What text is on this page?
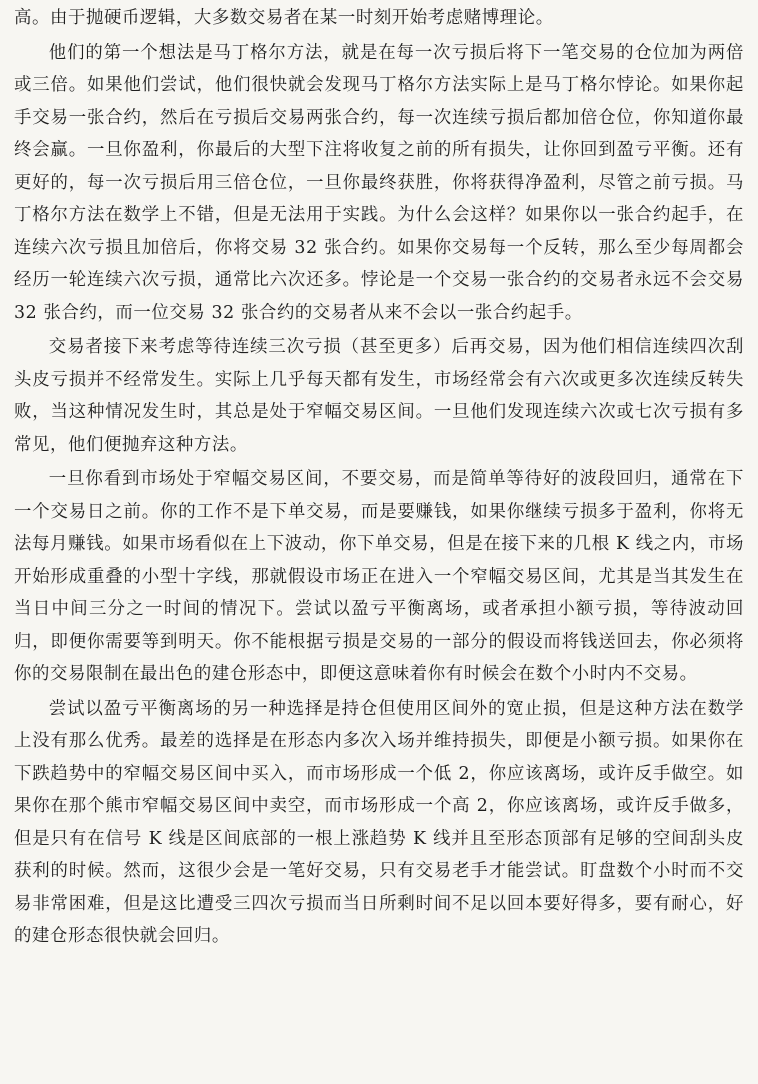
高。由于抛硬币逻辑，大多数交易者在某一时刻开始考虑赌博理论。

他们的第一个想法是马丁格尔方法，就是在每一次亏损后将下一笔交易的仓位加为两倍或三倍。如果他们尝试，他们很快就会发现马丁格尔方法实际上是马丁格尔悖论。如果你起手交易一张合约，然后在亏损后交易两张合约，每一次连续亏损后都加倍仓位，你知道你最终会赢。一旦你盈利，你最后的大型下注将收复之前的所有损失，让你回到盈亏平衡。还有更好的，每一次亏损后用三倍仓位，一旦你最终获胜，你将获得净盈利，尽管之前亏损。马丁格尔方法在数学上不错，但是无法用于实践。为什么会这样？如果你以一张合约起手，在连续六次亏损且加倍后，你将交易 32 张合约。如果你交易每一个反转，那么至少每周都会经历一轮连续六次亏损，通常比六次还多。悖论是一个交易一张合约的交易者永远不会交易 32 张合约，而一位交易 32 张合约的交易者从来不会以一张合约起手。

交易者接下来考虑等待连续三次亏损（甚至更多）后再交易，因为他们相信连续四次刮头皮亏损并不经常发生。实际上几乎每天都有发生，市场经常会有六次或更多次连续反转失败，当这种情况发生时，其总是处于窄幅交易区间。一旦他们发现连续六次或七次亏损有多常见，他们便抛弃这种方法。

一旦你看到市场处于窄幅交易区间，不要交易，而是简单等待好的波段回归，通常在下一个交易日之前。你的工作不是下单交易，而是要赚钱，如果你继续亏损多于盈利，你将无法每月赚钱。如果市场看似在上下波动，你下单交易，但是在接下来的几根 K 线之内，市场开始形成重叠的小型十字线，那就假设市场正在进入一个窄幅交易区间，尤其是当其发生在当日中间三分之一时间的情况下。尝试以盈亏平衡离场，或者承担小额亏损，等待波动回归，即便你需要等到明天。你不能根据亏损是交易的一部分的假设而将钱送回去，你必须将你的交易限制在最出色的建仓形态中，即便这意味着你有时候会在数个小时内不交易。

尝试以盈亏平衡离场的另一种选择是持仓但使用区间外的宽止损，但是这种方法在数学上没有那么优秀。最差的选择是在形态内多次入场并维持损失，即便是小额亏损。如果你在下跌趋势中的窄幅交易区间中买入，而市场形成一个低 2，你应该离场，或许反手做空。如果你在那个熊市窄幅交易区间中卖空，而市场形成一个高 2，你应该离场，或许反手做多，但是只有在信号 K 线是区间底部的一根上涨趋势 K 线并且至形态顶部有足够的空间刮头皮获利的时候。然而，这很少会是一笔好交易，只有交易老手才能尝试。盯盘数个小时而不交易非常困难，但是这比遭受三四次亏损而当日所剩时间不足以回本要好得多，要有耐心，好的建仓形态很快就会回归。
